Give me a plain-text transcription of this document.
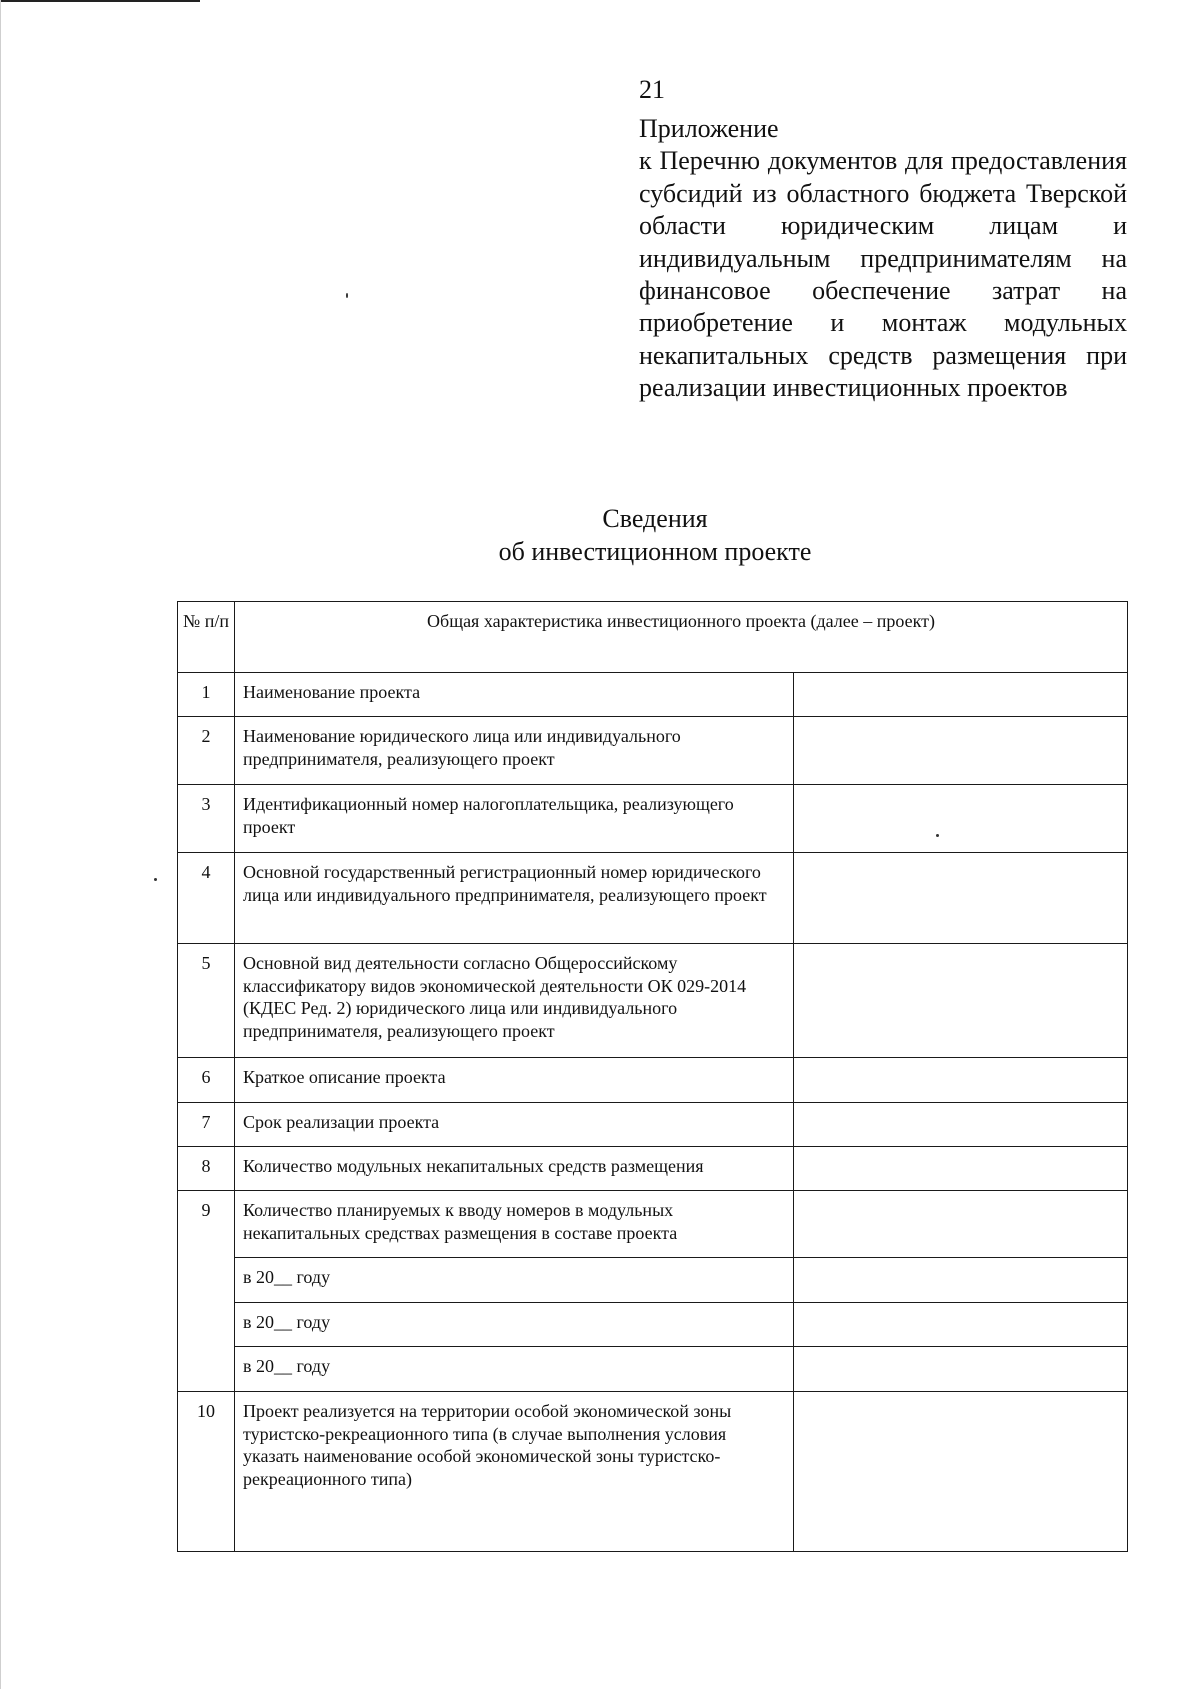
21

Приложение

к Перечню документов для предоставления субсидий из областного бюджета Тверской области юридическим лицам и индивидуальным предпринимателям на финансовое обеспечение затрат на приобретение и монтаж модульных некапитальных средств размещения при реализации инвестиционных проектов

Сведения
об инвестиционном проекте
№ п/п	Общая характеристика инвестиционного проекта (далее – проект)	
1	Наименование проекта	
2	Наименование юридического лица или индивидуального предпринимателя, реализующего проект	
3	Идентификационный номер налогоплательщика, реализующего проект	
4	Основной государственный регистрационный номер юридического лица или индивидуального предпринимателя, реализующего проект	
5	Основной вид деятельности согласно Общероссийскому классификатору видов экономической деятельности ОК 029-2014 (КДЕС Ред. 2) юридического лица или индивидуального предпринимателя, реализующего проект	
6	Краткое описание проекта	
7	Срок реализации проекта	
8	Количество модульных некапитальных средств размещения	
9	Количество планируемых к вводу номеров в модульных некапитальных средствах размещения в составе проекта	
	в 20__ году	
	в 20__ году	
	в 20__ году	
10	Проект реализуется на территории особой экономической зоны туристско-рекреационного типа (в случае выполнения условия указать наименование особой экономической зоны туристско-рекреационного типа)	
